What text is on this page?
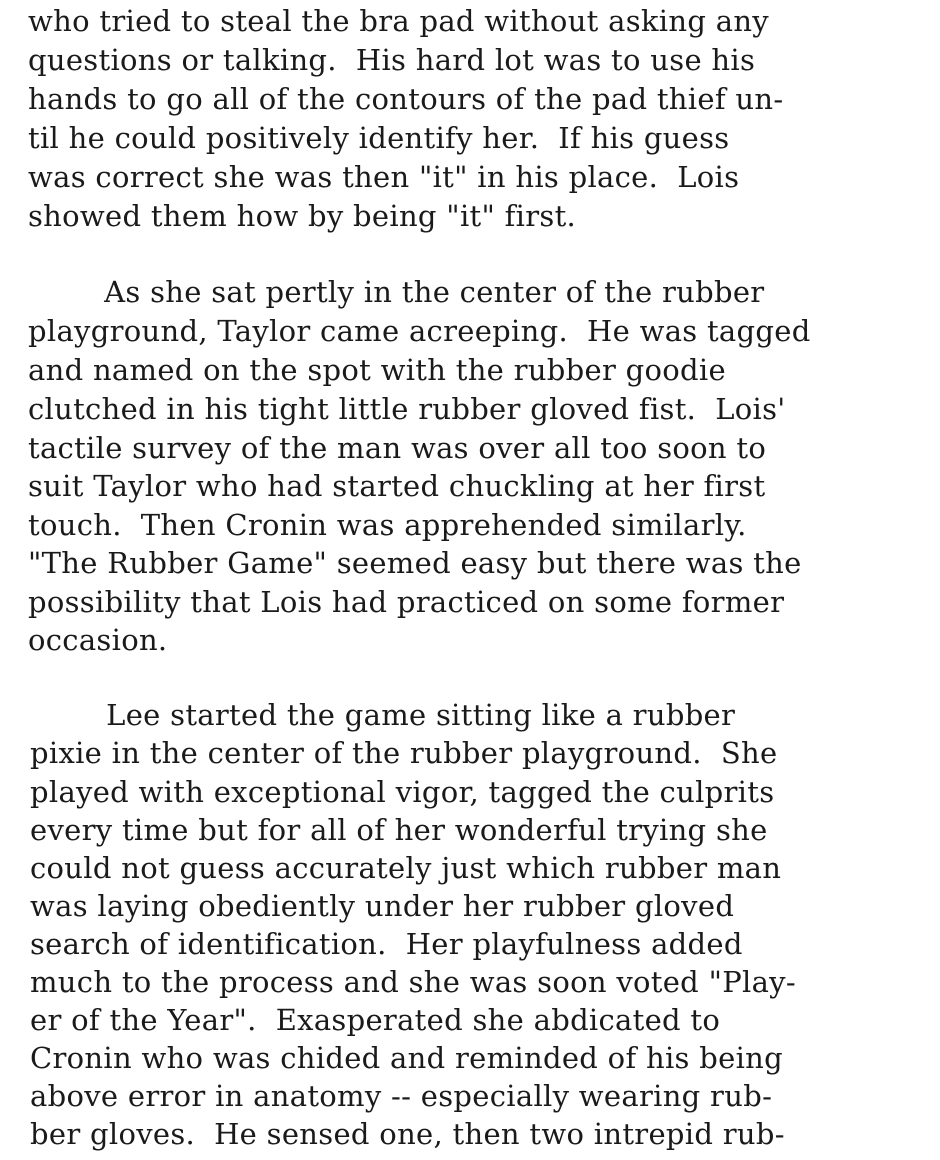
who tried to steal the bra pad without asking any
questions or talking.  His hard lot was to use his
hands to go all of the contours of the pad thief un-
til he could positively identify her.  If his guess
was correct she was then "it" in his place.  Lois
showed them how by being "it" first.
As she sat pertly in the center of the rubber
playground, Taylor came acreeping.  He was tagged
and named on the spot with the rubber goodie
clutched in his tight little rubber gloved fist.  Lois'
tactile survey of the man was over all too soon to
suit Taylor who had started chuckling at her first
touch.  Then Cronin was apprehended similarly.
"The Rubber Game" seemed easy but there was the
possibility that Lois had practiced on some former
occasion.
Lee started the game sitting like a rubber
pixie in the center of the rubber playground.  She
played with exceptional vigor, tagged the culprits
every time but for all of her wonderful trying she
could not guess accurately just which rubber man
was laying obediently under her rubber gloved
search of identification.  Her playfulness added
much to the process and she was soon voted "Play-
er of the Year".  Exasperated she abdicated to
Cronin who was chided and reminded of his being
above error in anatomy -- especially wearing rub-
ber gloves.  He sensed one, then two intrepid rub-
